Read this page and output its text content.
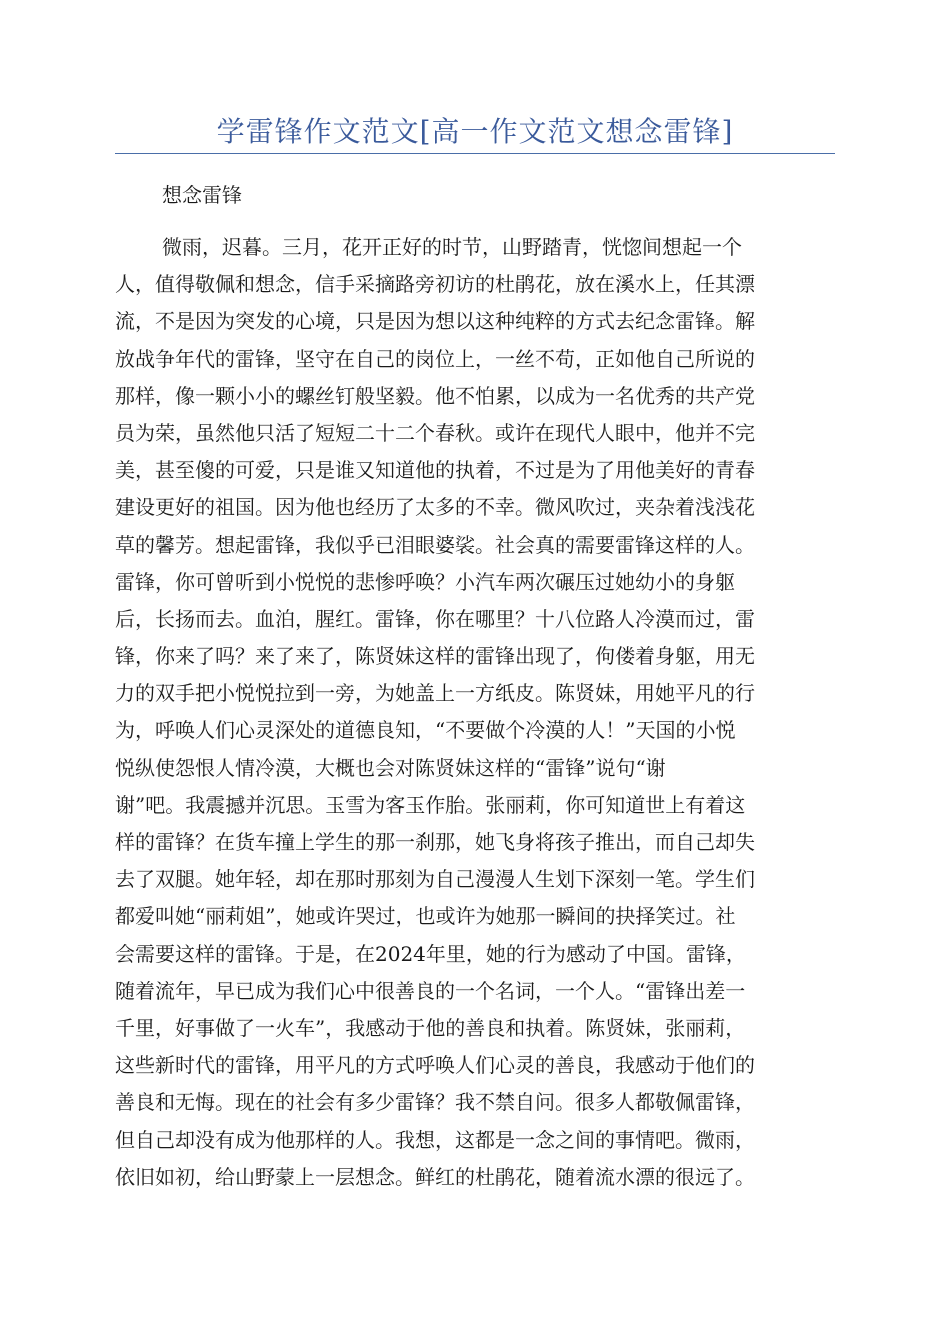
学雷锋作文范文[高一作文范文想念雷锋]
想念雷锋
微雨，迟暮。三月，花开正好的时节，山野踏青，恍惚间想起一个
人，值得敬佩和想念，信手采摘路旁初访的杜鹃花，放在溪水上，任其漂
流，不是因为突发的心境，只是因为想以这种纯粹的方式去纪念雷锋。解
放战争年代的雷锋，坚守在自己的岗位上，一丝不苟，正如他自己所说的
那样，像一颗小小的螺丝钉般坚毅。他不怕累，以成为一名优秀的共产党
员为荣，虽然他只活了短短二十二个春秋。或许在现代人眼中，他并不完
美，甚至傻的可爱，只是谁又知道他的执着，不过是为了用他美好的青春
建设更好的祖国。因为他也经历了太多的不幸。微风吹过，夹杂着浅浅花
草的馨芳。想起雷锋，我似乎已泪眼婆裟。社会真的需要雷锋这样的人。
雷锋，你可曾听到小悦悦的悲惨呼唤？小汽车两次碾压过她幼小的身躯
后，长扬而去。血泊，腥红。雷锋，你在哪里？十八位路人冷漠而过，雷
锋，你来了吗？来了来了，陈贤妹这样的雷锋出现了，佝偻着身躯，用无
力的双手把小悦悦拉到一旁，为她盖上一方纸皮。陈贤妹，用她平凡的行
为，呼唤人们心灵深处的道德良知，“不要做个冷漠的人！”天国的小悦
悦纵使怨恨人情冷漠，大概也会对陈贤妹这样的“雷锋”说句“谢
谢”吧。我震撼并沉思。玉雪为客玉作胎。张丽莉，你可知道世上有着这
样的雷锋？在货车撞上学生的那一刹那，她飞身将孩子推出，而自己却失
去了双腿。她年轻，却在那时那刻为自己漫漫人生划下深刻一笔。学生们
都爱叫她“丽莉姐”，她或许哭过，也或许为她那一瞬间的抉择笑过。社
会需要这样的雷锋。于是，在2024年里，她的行为感动了中国。雷锋，
随着流年，早已成为我们心中很善良的一个名词，一个人。“雷锋出差一
千里，好事做了一火车”，我感动于他的善良和执着。陈贤妹，张丽莉，
这些新时代的雷锋，用平凡的方式呼唤人们心灵的善良，我感动于他们的
善良和无悔。现在的社会有多少雷锋？我不禁自问。很多人都敬佩雷锋，
但自己却没有成为他那样的人。我想，这都是一念之间的事情吧。微雨，
依旧如初，给山野蒙上一层想念。鲜红的杜鹃花，随着流水漂的很远了。
